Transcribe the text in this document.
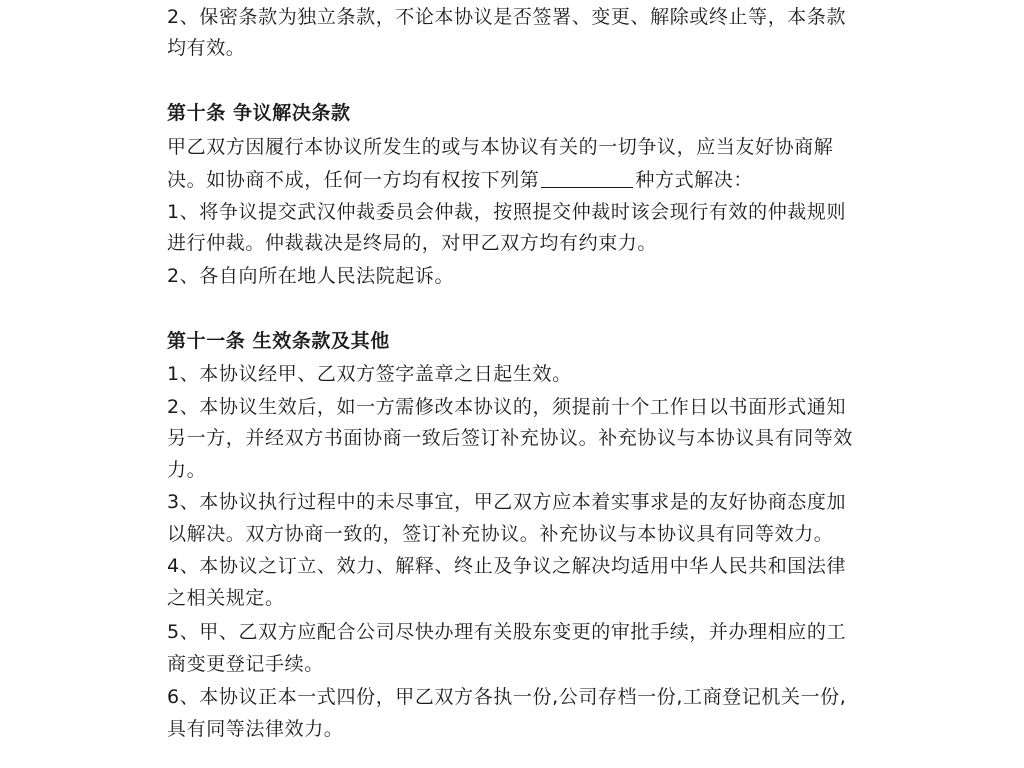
2、保密条款为独立条款，不论本协议是否签署、变更、解除或终止等，本条款
均有效。
第十条 争议解决条款
甲乙双方因履行本协议所发生的或与本协议有关的一切争议，应当友好协商解
决。如协商不成，任何一方均有权按下列第	种方式解决：
1、将争议提交武汉仲裁委员会仲裁，按照提交仲裁时该会现行有效的仲裁规则
进行仲裁。仲裁裁决是终局的，对甲乙双方均有约束力。
2、各自向所在地人民法院起诉。
第十一条 生效条款及其他
1、本协议经甲、乙双方签字盖章之日起生效。
2、本协议生效后，如一方需修改本协议的，须提前十个工作日以书面形式通知
另一方，并经双方书面协商一致后签订补充协议。补充协议与本协议具有同等效
力。
3、本协议执行过程中的未尽事宜，甲乙双方应本着实事求是的友好协商态度加
以解决。双方协商一致的，签订补充协议。补充协议与本协议具有同等效力。
4、本协议之订立、效力、解释、终止及争议之解决均适用中华人民共和国法律
之相关规定。
5、甲、乙双方应配合公司尽快办理有关股东变更的审批手续，并办理相应的工
商变更登记手续。
6、本协议正本一式四份，甲乙双方各执一份,公司存档一份,工商登记机关一份,
具有同等法律效力。
